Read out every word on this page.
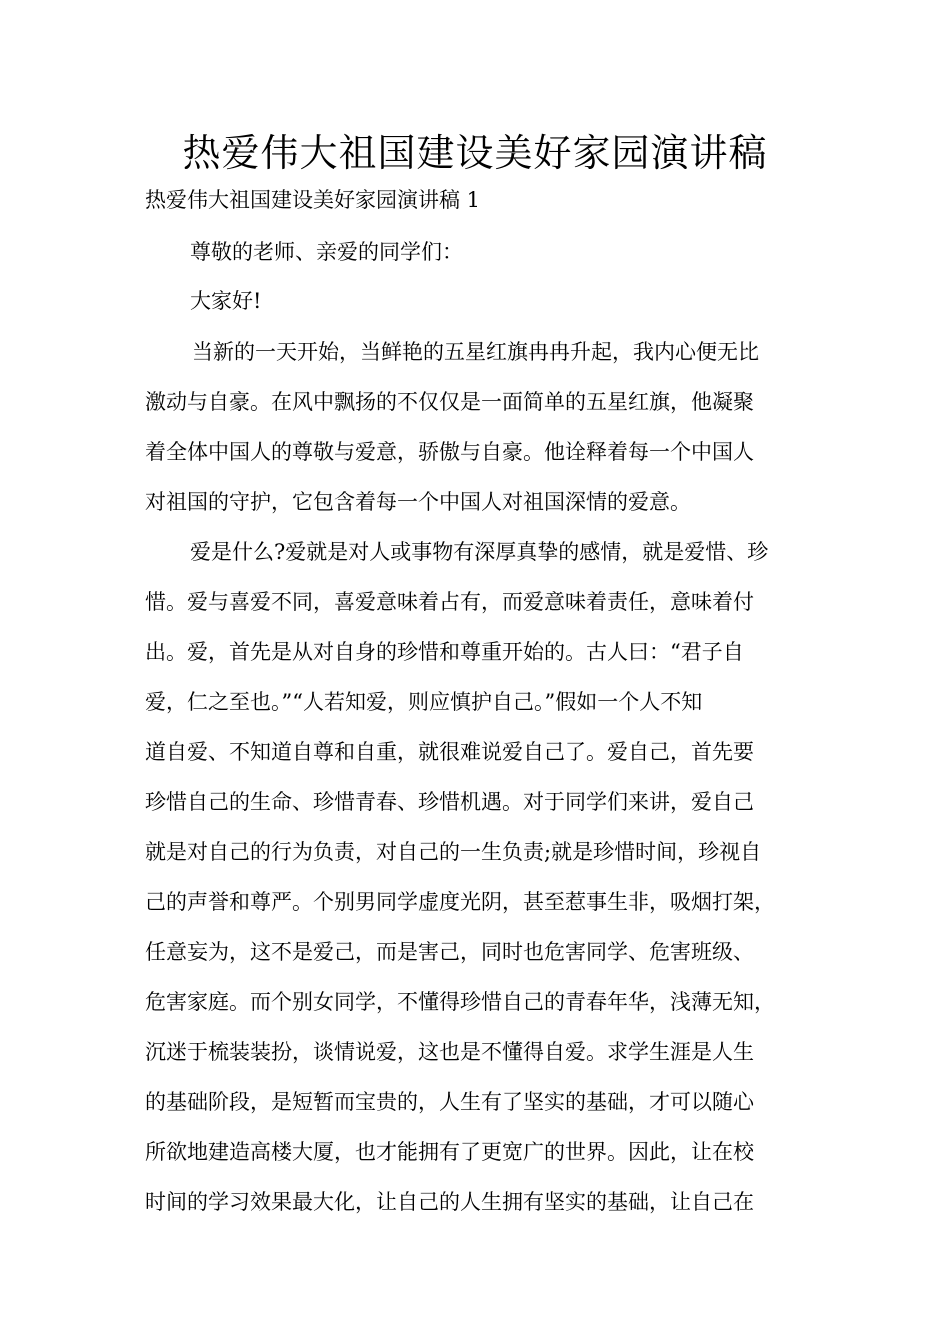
热爱伟大祖国建设美好家园演讲稿

热爱伟大祖国建设美好家园演讲稿 1

尊敬的老师、亲爱的同学们：

大家好!

当新的一天开始，当鲜艳的五星红旗冉冉升起，我内心便无比
激动与自豪。在风中飘扬的不仅仅是一面简单的五星红旗，他凝聚
着全体中国人的尊敬与爱意，骄傲与自豪。他诠释着每一个中国人
对祖国的守护，它包含着每一个中国人对祖国深情的爱意。
爱是什么?爱就是对人或事物有深厚真挚的感情，就是爱惜、珍
惜。爱与喜爱不同，喜爱意味着占有，而爱意味着责任，意味着付
出。爱，首先是从对自身的珍惜和尊重开始的。古人曰：“君子自
爱，仁之至也。”“人若知爱，则应慎护自己。”假如一个人不知
道自爱、不知道自尊和自重，就很难说爱自己了。爱自己，首先要
珍惜自己的生命、珍惜青春、珍惜机遇。对于同学们来讲，爱自己
就是对自己的行为负责，对自己的一生负责;就是珍惜时间，珍视自
己的声誉和尊严。个别男同学虚度光阴，甚至惹事生非，吸烟打架，
任意妄为，这不是爱己，而是害己，同时也危害同学、危害班级、
危害家庭。而个别女同学，不懂得珍惜自己的青春年华，浅薄无知，
沉迷于梳装装扮，谈情说爱，这也是不懂得自爱。求学生涯是人生
的基础阶段，是短暂而宝贵的，人生有了坚实的基础，才可以随心
所欲地建造高楼大厦，也才能拥有了更宽广的世界。因此，让在校
时间的学习效果最大化，让自己的人生拥有坚实的基础，让自己在
